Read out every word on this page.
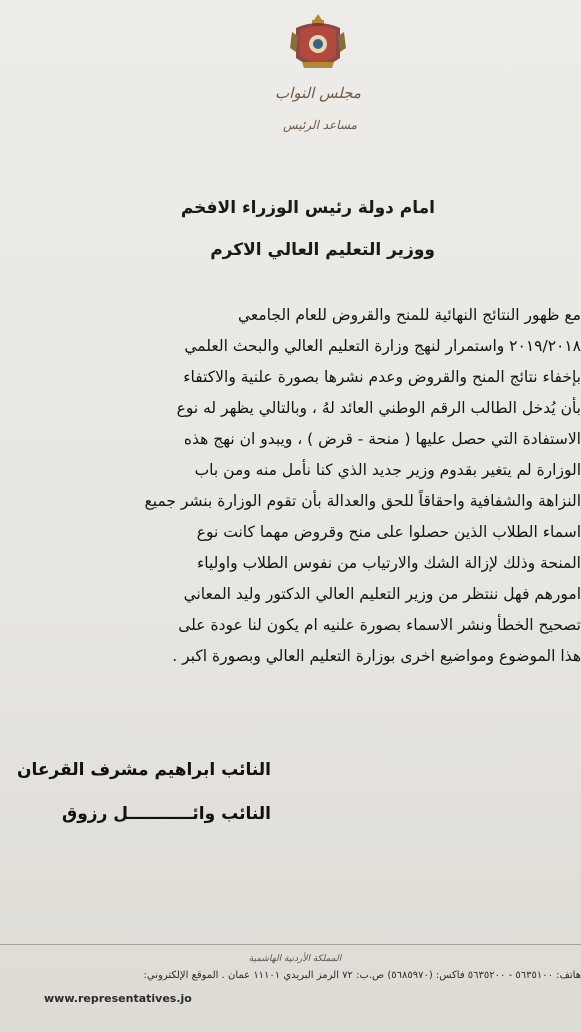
مجلس النواب
مساعد الرئيس
امام دولة رئيس الوزراء الافخم
ووزير التعليم العالي الاكرم
مع ظهور النتائج النهائية للمنح والقروض للعام الجامعي
٢٠١٩/٢٠١٨ واستمرار لنهج وزارة التعليم العالي والبحث العلمي
بإخفاء نتائج المنح والقروض وعدم نشرها بصورة علنية والاكتفاء
بأن يُدخل الطالب الرقم الوطني العائد لهُ ، وبالتالي يظهر له نوع
الاستفادة التي حصل عليها ( منحة - قرض ) ، ويبدو ان نهج هذه
الوزارة لم يتغير بقدوم وزير جديد الذي كنا نأمل منه ومن باب
النزاهة والشفافية واحقاقاً للحق والعدالة بأن تقوم الوزارة بنشر جميع
اسماء الطلاب الذين حصلوا على منح وقروض مهما كانت نوع
المنحة وذلك لإزالة الشك والارتياب من نفوس الطلاب واولياء
امورهم فهل ننتظر من وزير التعليم العالي الدكتور وليد المعاني
تصحيح الخطأ ونشر الاسماء بصورة علنيه ام يكون لنا عودة على
هذا الموضوع ومواضيع اخرى بوزارة التعليم العالي وبصورة اكبر .
النائب ابراهيم مشرف القرعان
النائب وائـــــــــــل رزوق
المملكة الأردنية الهاشمية
هاتف: ٥٦٣٥١٠٠ - ٥٦٣٥٢٠٠ فاكس: (٥٦٨٥٩٧٠) ص.ب: ٧٢ الرمز البريدي ١١١٠١ عمان . الموقع الإلكتروني:
www.representatives.jo
